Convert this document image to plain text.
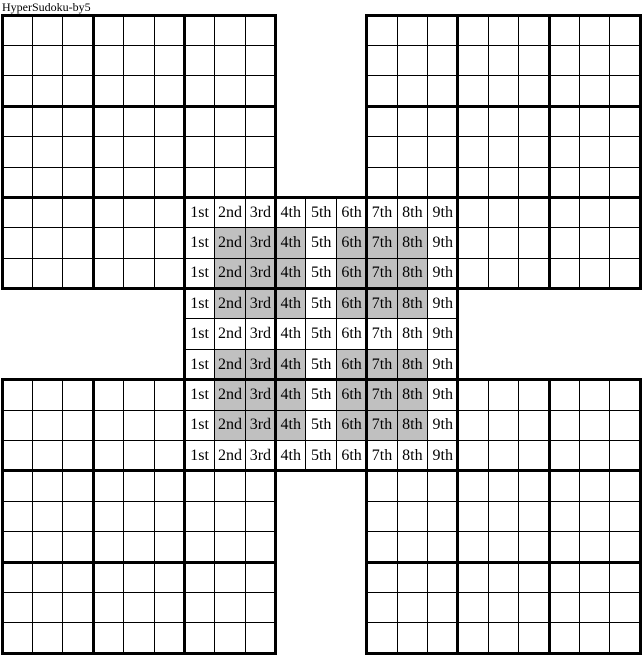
HyperSudoku-by5
1st 2nd 3rd 4th 5th 6th 7th 8th 9th
1st 2nd 3rd 4th 5th 6th 7th 8th 9th
1st 2nd 3rd 4th 5th 6th 7th 8th 9th
1st 2nd 3rd 4th 5th 6th 7th 8th 9th
1st 2nd 3rd 4th 5th 6th 7th 8th 9th
1st 2nd 3rd 4th 5th 6th 7th 8th 9th
1st 2nd 3rd 4th 5th 6th 7th 8th 9th
1st 2nd 3rd 4th 5th 6th 7th 8th 9th
1st 2nd 3rd 4th 5th 6th 7th 8th 9th
